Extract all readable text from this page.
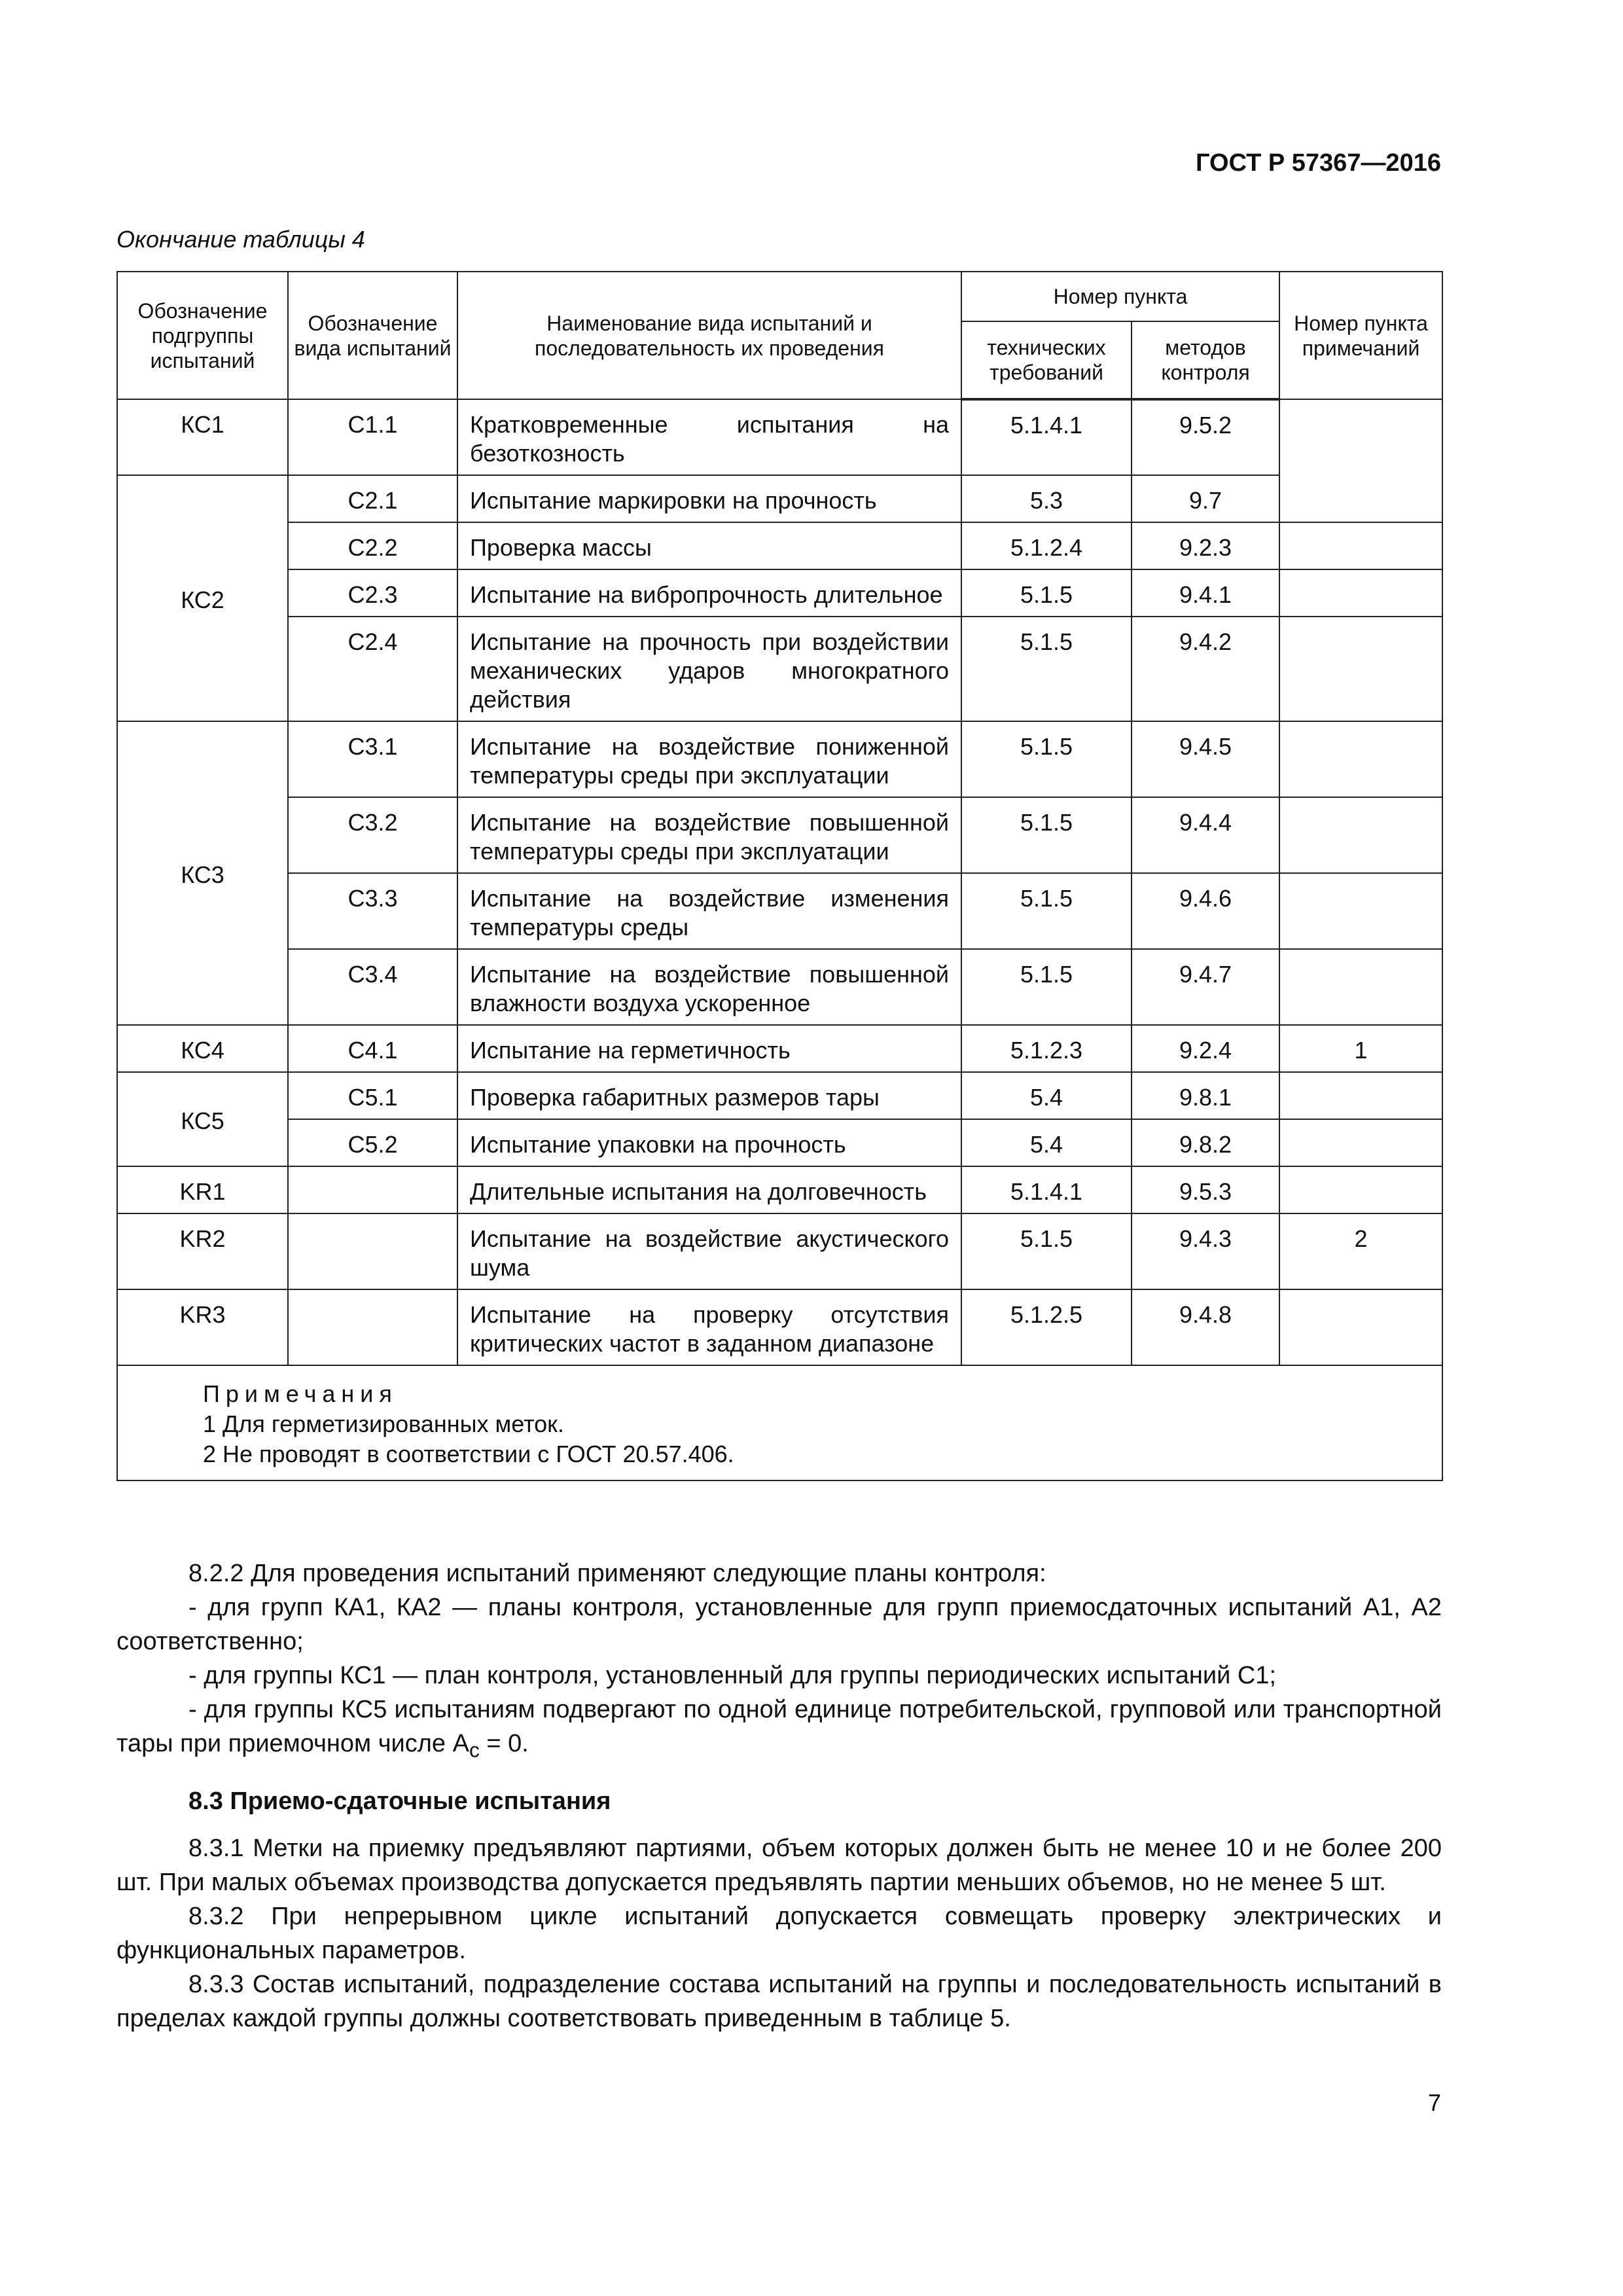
ГОСТ Р 57367—2016
Окончание таблицы 4
Обозначение подгруппы испытаний	Обозначение вида испытаний	Наименование вида испытаний и последовательность их проведения	Номер пункта		Номер пункта примечаний
			технических требований	методов контроля	
КС1	С1.1	Кратковременные испытания на безоткозность	5.1.4.1	9.5.2	
КС2	С2.1	Испытание маркировки на прочность	5.3	9.7	
	С2.2	Проверка массы	5.1.2.4	9.2.3	
	С2.3	Испытание на вибропрочность длительное	5.1.5	9.4.1	
	С2.4	Испытание на прочность при воздействии механических ударов многократного действия	5.1.5	9.4.2	
КС3	С3.1	Испытание на воздействие пониженной температуры среды при эксплуатации	5.1.5	9.4.5	
	С3.2	Испытание на воздействие повышенной температуры среды при эксплуатации	5.1.5	9.4.4	
	С3.3	Испытание на воздействие изменения температуры среды	5.1.5	9.4.6	
	С3.4	Испытание на воздействие повышенной влажности воздуха ускоренное	5.1.5	9.4.7	
КС4	С4.1	Испытание на герметичность	5.1.2.3	9.2.4	1
КС5	С5.1	Проверка габаритных размеров тары	5.4	9.8.1	
	С5.2	Испытание упаковки на прочность	5.4	9.8.2	
KR1		Длительные испытания на долговечность	5.1.4.1	9.5.3	
KR2		Испытание на воздействие акустического шума	5.1.5	9.4.3	2
KR3		Испытание на проверку отсутствия критических частот в заданном диапазоне	5.1.2.5	9.4.8	

Примечания
1 Для герметизированных меток.
2 Не проводят в соответствии с ГОСТ 20.57.406.					

8.2.2 Для проведения испытаний применяют следующие планы контроля:

- для групп КА1, КА2 — планы контроля, установленные для групп приемосдаточных испытаний А1, А2 соответственно;

- для группы КС1 — план контроля, установленный для группы периодических испытаний С1;

- для группы КС5 испытаниям подвергают по одной единице потребительской, групповой или транспортной тары при приемочном числе $А_с = 0$.

8.3 Приемо-сдаточные испытания

8.3.1 Метки на приемку предъявляют партиями, объем которых должен быть не менее 10 и не более 200 шт. При малых объемах производства допускается предъявлять партии меньших объемов, но не менее 5 шт.

8.3.2 При непрерывном цикле испытаний допускается совмещать проверку электрических и функциональных параметров.

8.3.3 Состав испытаний, подразделение состава испытаний на группы и последовательность испытаний в пределах каждой группы должны соответствовать приведенным в таблице 5.

7
